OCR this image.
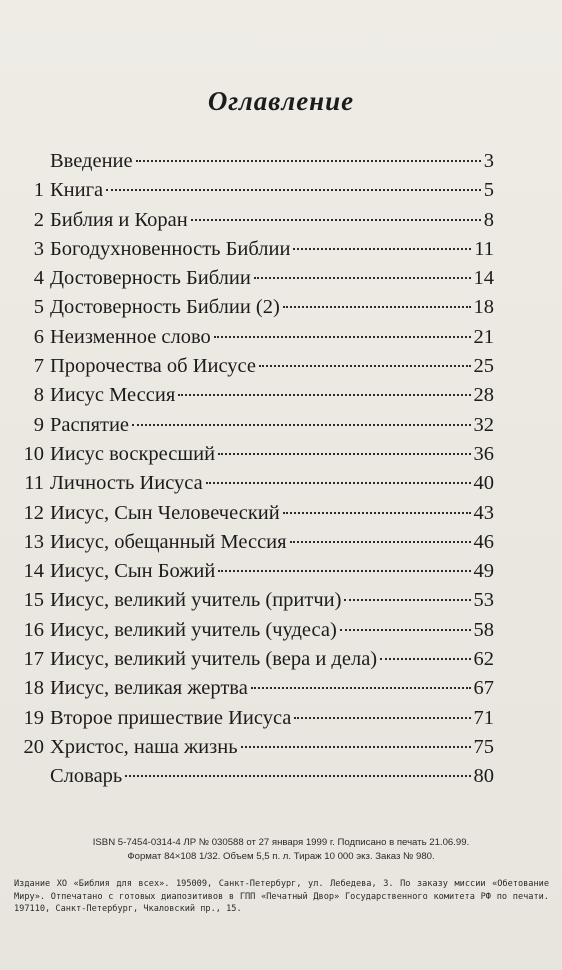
Оглавление
Введение	3
1 Книга	5
2 Библия и Коран	8
3 Богодухновенность Библии	11
4 Достоверность Библии	14
5 Достоверность Библии (2)	18
6 Неизменное слово	21
7 Пророчества об Иисусе	25
8 Иисус Мессия	28
9 Распятие	32
10 Иисус воскресший	36
11 Личность Иисуса	40
12 Иисус, Сын Человеческий	43
13 Иисус, обещанный Мессия	46
14 Иисус, Сын Божий	49
15 Иисус, великий учитель (притчи)	53
16 Иисус, великий учитель (чудеса)	58
17 Иисус, великий учитель (вера и дела)	62
18 Иисус, великая жертва	67
19 Второе пришествие Иисуса	71
20 Христос, наша жизнь	75
Словарь	80
ISBN 5-7454-0314-4 ЛР № 030588 от 27 января 1999 г. Подписано в печать 21.06.99.
Формат 84×108 1/32. Объем 5,5 п. л. Тираж 10 000 экз. Заказ № 980.
Издание ХО «Библия для всех». 195009, Санкт-Петербург, ул. Лебедева, 3. По заказу миссии «Обетование Миру». Отпечатано с готовых диапозитивов в ГПП «Печатный Двор» Государственного комитета РФ по печати. 197110, Санкт-Петербург, Чкаловский пр., 15.
